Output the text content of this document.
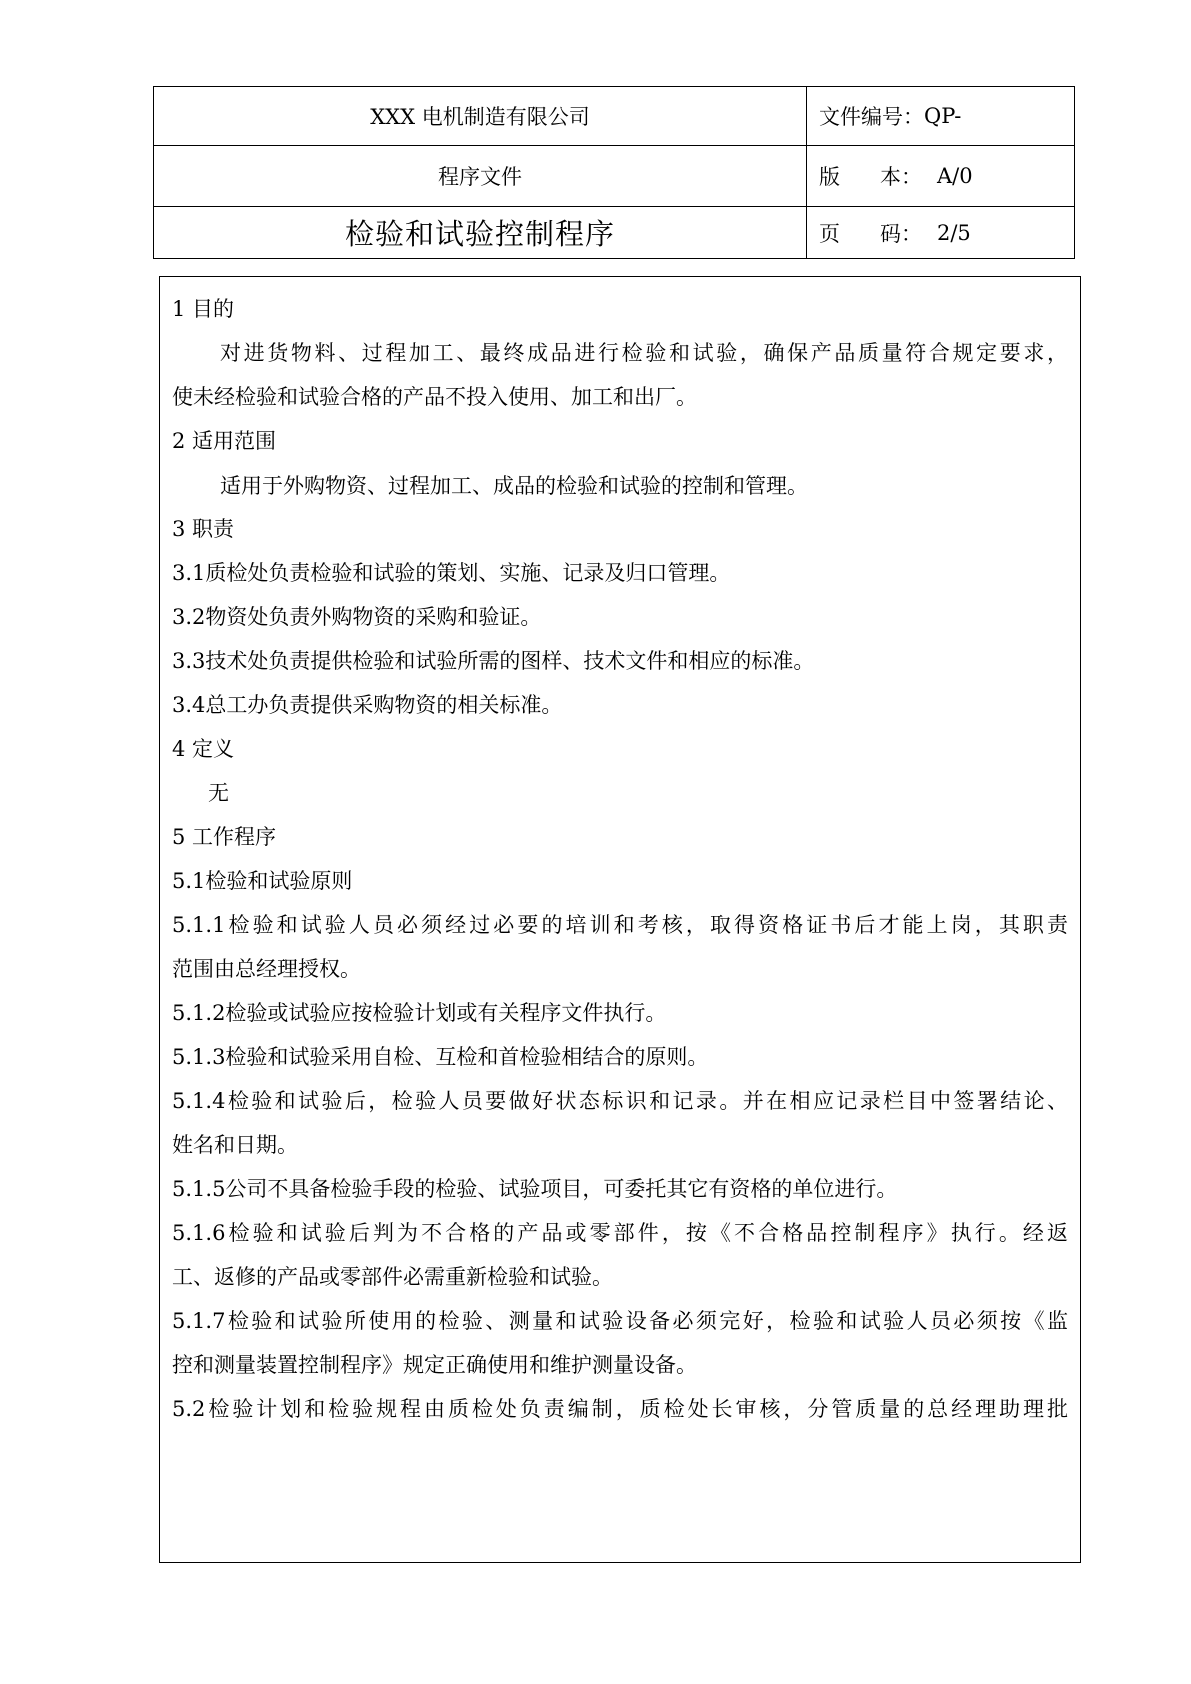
XXX 电机制造有限公司	文件编号： QP-
程序文件	版      本： A/0
检验和试验控制程序	页      码： 2/5
1 目的
对进货物料、过程加工、最终成品进行检验和试验，确保产品质量符合规定要求，
使未经检验和试验合格的产品不投入使用、加工和出厂。
2 适用范围
适用于外购物资、过程加工、成品的检验和试验的控制和管理。
3 职责
3.1质检处负责检验和试验的策划、实施、记录及归口管理。
3.2物资处负责外购物资的采购和验证。
3.3技术处负责提供检验和试验所需的图样、技术文件和相应的标准。
3.4总工办负责提供采购物资的相关标准。
4 定义
无
5 工作程序
5.1检验和试验原则
5.1.1检验和试验人员必须经过必要的培训和考核，取得资格证书后才能上岗，其职责
范围由总经理授权。
5.1.2检验或试验应按检验计划或有关程序文件执行。
5.1.3检验和试验采用自检、互检和首检验相结合的原则。
5.1.4检验和试验后，检验人员要做好状态标识和记录。并在相应记录栏目中签署结论、
姓名和日期。
5.1.5公司不具备检验手段的检验、试验项目，可委托其它有资格的单位进行。
5.1.6检验和试验后判为不合格的产品或零部件，按《不合格品控制程序》执行。经返
工、返修的产品或零部件必需重新检验和试验。
5.1.7检验和试验所使用的检验、测量和试验设备必须完好，检验和试验人员必须按《监
控和测量装置控制程序》规定正确使用和维护测量设备。
5.2检验计划和检验规程由质检处负责编制，质检处长审核，分管质量的总经理助理批
